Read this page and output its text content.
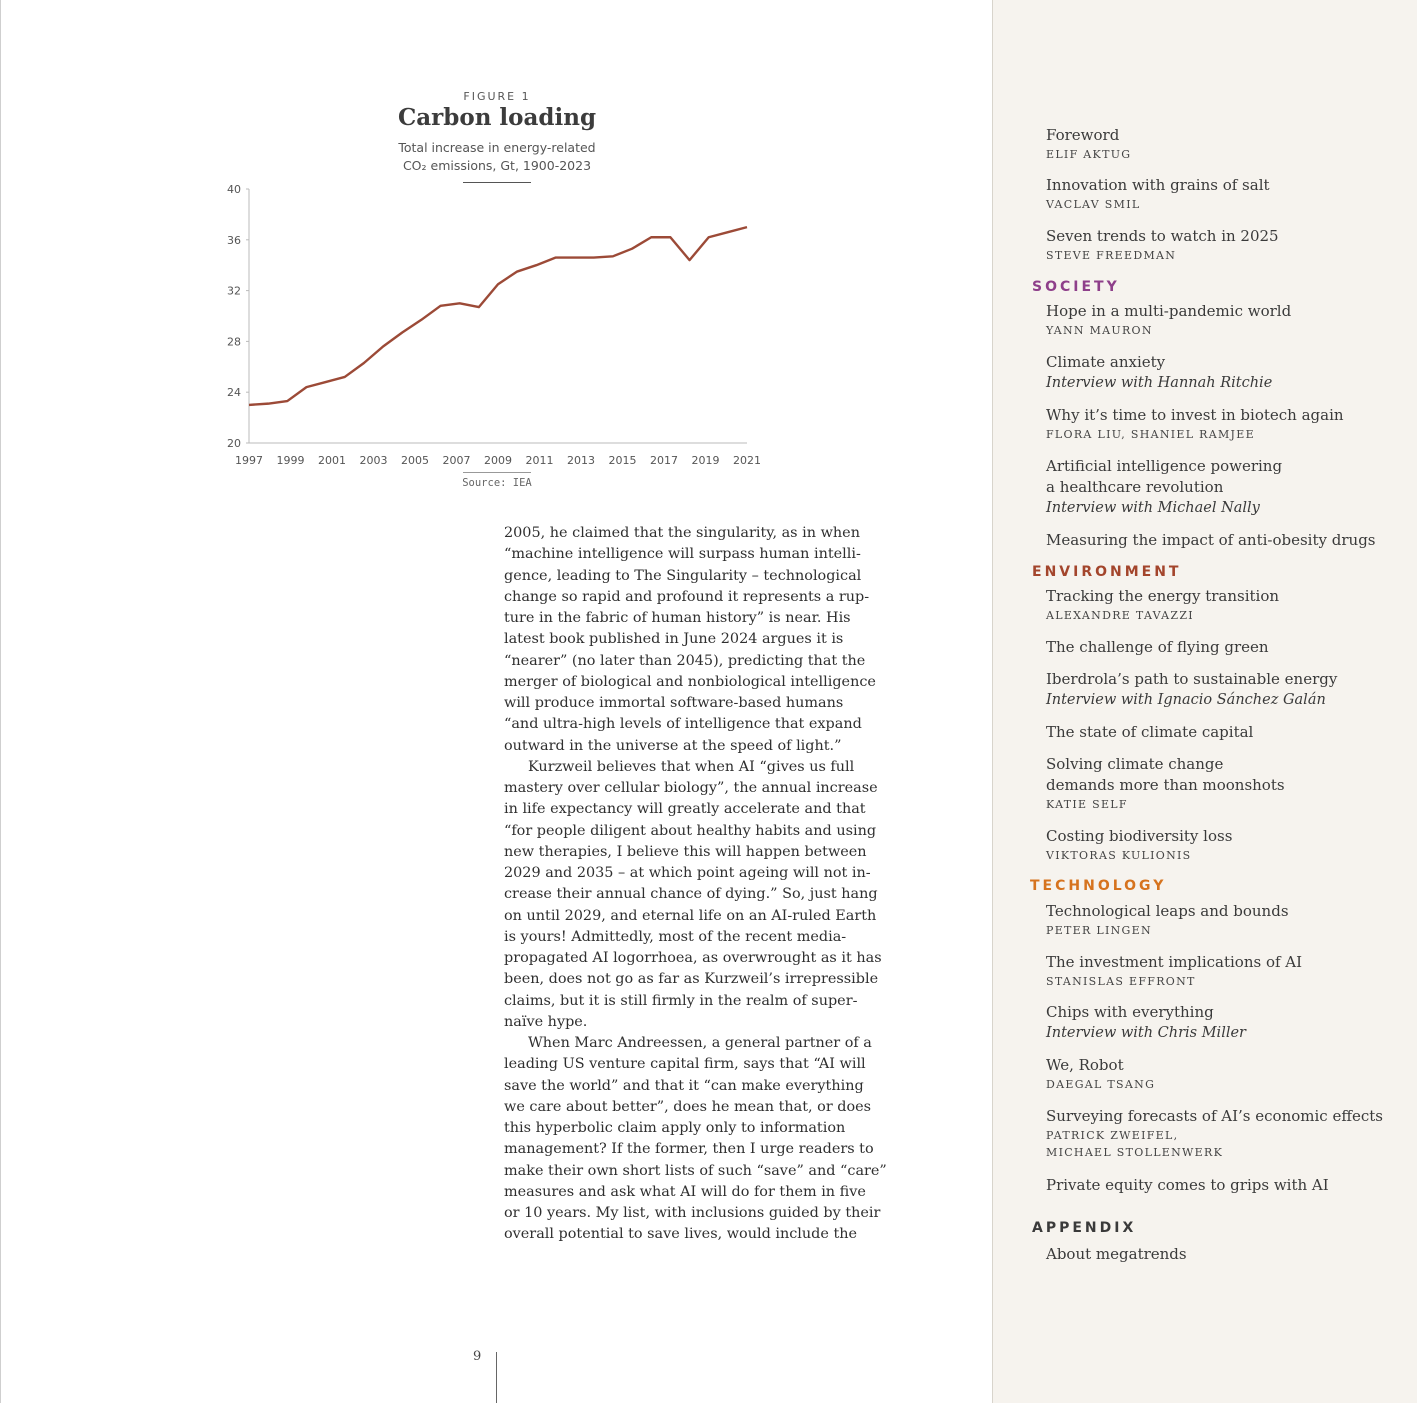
FIGURE 1
Carbon loading
Total increase in energy-related
CO₂ emissions, Gt, 1900-2023
20
24
28
32
36
40
1997 1999 2001 2003 2005 2007 2009 2011 2013 2015 2017 2019 2021
Source: IEA
2005, he claimed that the singularity, as in when
“machine intelligence will surpass human intelli-
gence, leading to The Singularity – technological
change so rapid and profound it represents a rup-
ture in the fabric of human history” is near. His
latest book published in June 2024 argues it is
“nearer” (no later than 2045), predicting that the
merger of biological and nonbiological intelligence
will produce immortal software-based humans
“and ultra-high levels of intelligence that expand
outward in the universe at the speed of light.”
Kurzweil believes that when AI “gives us full
mastery over cellular biology”, the annual increase
in life expectancy will greatly accelerate and that
“for people diligent about healthy habits and using
new therapies, I believe this will happen between
2029 and 2035 – at which point ageing will not in-
crease their annual chance of dying.” So, just hang
on until 2029, and eternal life on an AI-ruled Earth
is yours! Admittedly, most of the recent media-
propagated AI logorrhoea, as overwrought as it has
been, does not go as far as Kurzweil’s irrepressible
claims, but it is still firmly in the realm of super-
naïve hype.
When Marc Andreessen, a general partner of a
leading US venture capital firm, says that “AI will
save the world” and that it “can make everything
we care about better”, does he mean that, or does
this hyperbolic claim apply only to information
management? If the former, then I urge readers to
make their own short lists of such “save” and “care”
measures and ask what AI will do for them in five
or 10 years. My list, with inclusions guided by their
overall potential to save lives, would include the
9
Foreword
ELIF AKTUG
Innovation with grains of salt
VACLAV SMIL
Seven trends to watch in 2025
STEVE FREEDMAN
SOCIETY
Hope in a multi-pandemic world
YANN MAURON
Climate anxiety
Interview with Hannah Ritchie
Why it’s time to invest in biotech again
FLORA LIU, SHANIEL RAMJEE
Artificial intelligence powering
a healthcare revolution
Interview with Michael Nally
Measuring the impact of anti-obesity drugs
ENVIRONMENT
Tracking the energy transition
ALEXANDRE TAVAZZI
The challenge of flying green
Iberdrola’s path to sustainable energy
Interview with Ignacio Sánchez Galán
The state of climate capital
Solving climate change
demands more than moonshots
KATIE SELF
Costing biodiversity loss
VIKTORAS KULIONIS
TECHNOLOGY
Technological leaps and bounds
PETER LINGEN
The investment implications of AI
STANISLAS EFFRONT
Chips with everything
Interview with Chris Miller
We, Robot
DAEGAL TSANG
Surveying forecasts of AI’s economic effects
PATRICK ZWEIFEL,
MICHAEL STOLLENWERK
Private equity comes to grips with AI
APPENDIX
About megatrends
